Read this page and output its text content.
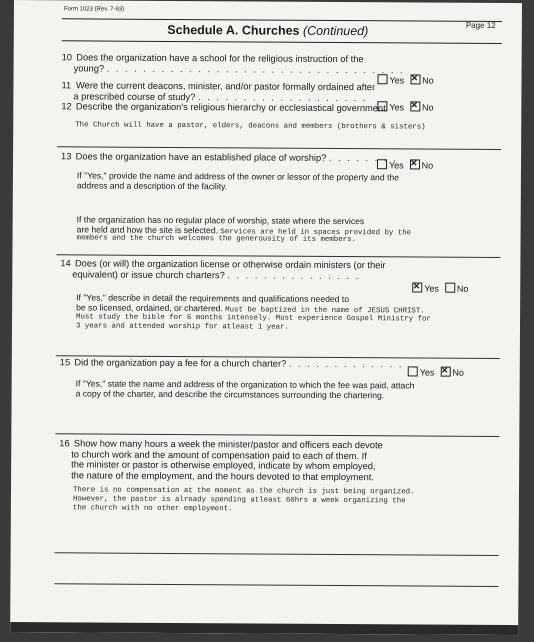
Form 1023 (Rev. 7-93)
Page 12
Schedule A. Churches (Continued)
10 Does the organization have a school for the religious instruction of the
young? . . . . . . . . . . . . . . . . . . . . . . . . . . . . . . . . .
Yes ×	No
11 Were the current deacons, minister, and/or pastor formally ordained after
a prescribed course of study? . . . . . . . . . . . . . . . . . . .
Yes ×	No
12 Describe the organization's religious hierarchy or ecclesiastical government.
The Church will have a pastor, elders, deacons and members (brothers & sisters)
13 Does the organization have an established place of worship? . . . . . . . .
Yes ×	No
If "Yes," provide the name and address of the owner or lessor of the property and the address and a description of the facility.
If the organization has no regular place of worship, state where the services
are held and how the site is selected. Services are held in spaces provided by the
members and the church welcomes the generousity of its members.
14 Does (or will) the organization license or otherwise ordain ministers (or their
equivalent) or issue church charters? . . . . . . . . . . . . . . .
×Yes	No
If "Yes," describe in detail the requirements and qualifications needed to
be so licensed, ordained, or chartered. Must be baptized in the name of JESUS CHRIST.
Must study the bible for 6 months intensely. Must experience Gospel Ministry for
3 years and attended worship for atleast 1 year.
15 Did the organization pay a fee for a church charter? . . . . . . . . . . . . .
Yes ×	No
If "Yes," state the name and address of the organization to which the fee was paid, attach a copy of the charter, and describe the circumstances surrounding the chartering.
16 Show how many hours a week the minister/pastor and officers each devote
to church work and the amount of compensation paid to each of them. If
the minister or pastor is otherwise employed, indicate by whom employed,
the nature of the employment, and the hours devoted to that employment.
There is no compensation at the moment as the church is just being organized.
However, the pastor is already spending atleast 60hrs a week organizing the
the church with no other employment.
